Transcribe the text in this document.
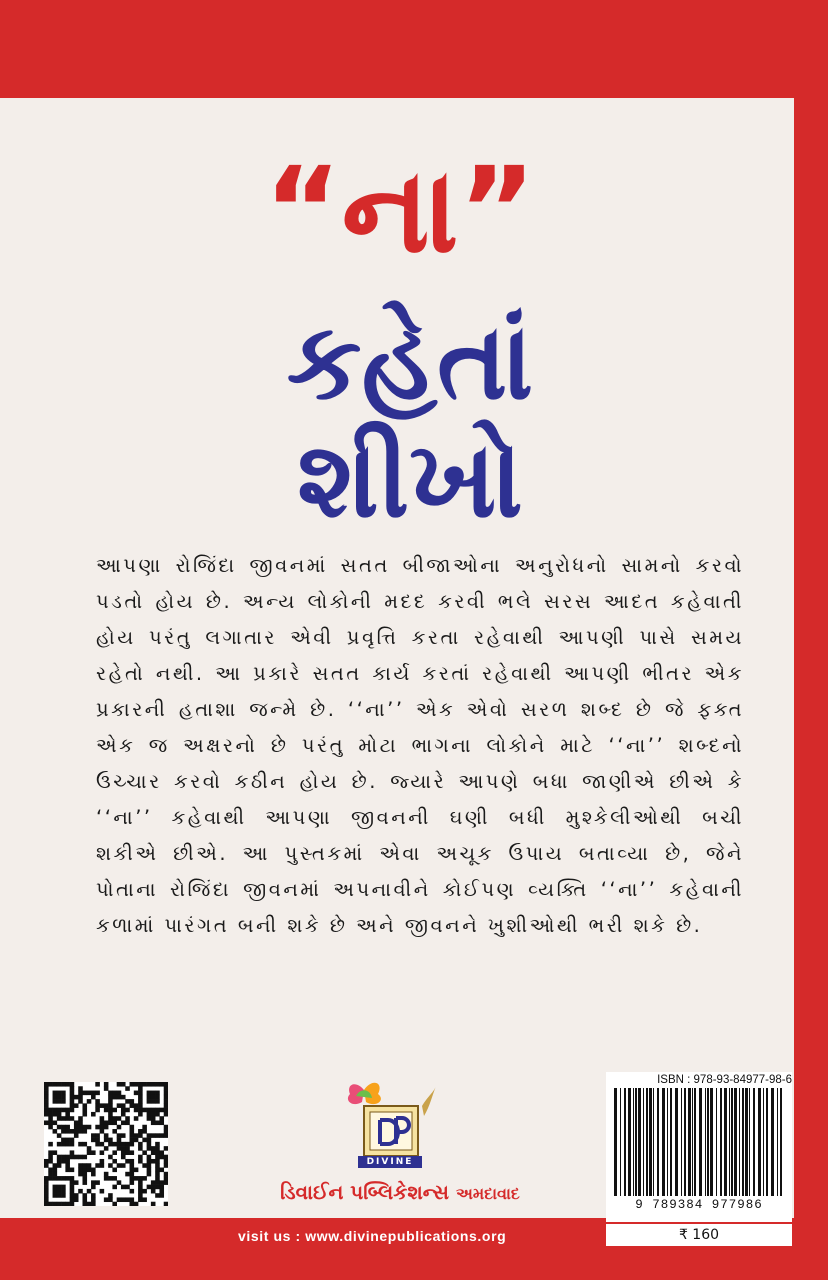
“ના”
કહેતાં
શીખો
આપણા રોજિંદા જીવનમાં સતત બીજાઓના અનુરોધનો સામનો કરવો પડતો હોય છે. અન્ય લોકોની મદદ કરવી ભલે સરસ આદત કહેવાતી હોય પરંતુ લગાતાર એવી પ્રવૃત્તિ કરતા રહેવાથી આપણી પાસે સમય રહેતો નથી. આ પ્રકારે સતત કાર્ય કરતાં રહેવાથી આપણી ભીતર એક પ્રકારની હતાશા જન્મે છે. ‘‘ના’’ એક એવો સરળ શબ્દ છે જે ફક્ત એક જ અક્ષરનો છે પરંતુ મોટા ભાગના લોકોને માટે ‘‘ના’’ શબ્દનો ઉચ્ચાર કરવો કઠીન હોય છે. જ્યારે આપણે બધા જાણીએ છીએ કે ‘‘ના’’ કહેવાથી આપણા જીવનની ઘણી બધી મુશ્કેલીઓથી બચી શકીએ છીએ. આ પુસ્તકમાં એવા અચૂક ઉપાય બતાવ્યા છે, જેને પોતાના રોજિંદા જીવનમાં અપનાવીને કોઈપણ વ્યક્તિ ‘‘ના’’ કહેવાની કળામાં પારંગત બની શકે છે અને જીવનને ખુશીઓથી ભરી શકે છે.
DIVINE
ડિવાઈન પબ્લિકેશન્સ અમદાવાદ
visit us : www.divinepublications.org
ISBN : 978-93-84977-98-6
9 789384 977986
₹ 160
